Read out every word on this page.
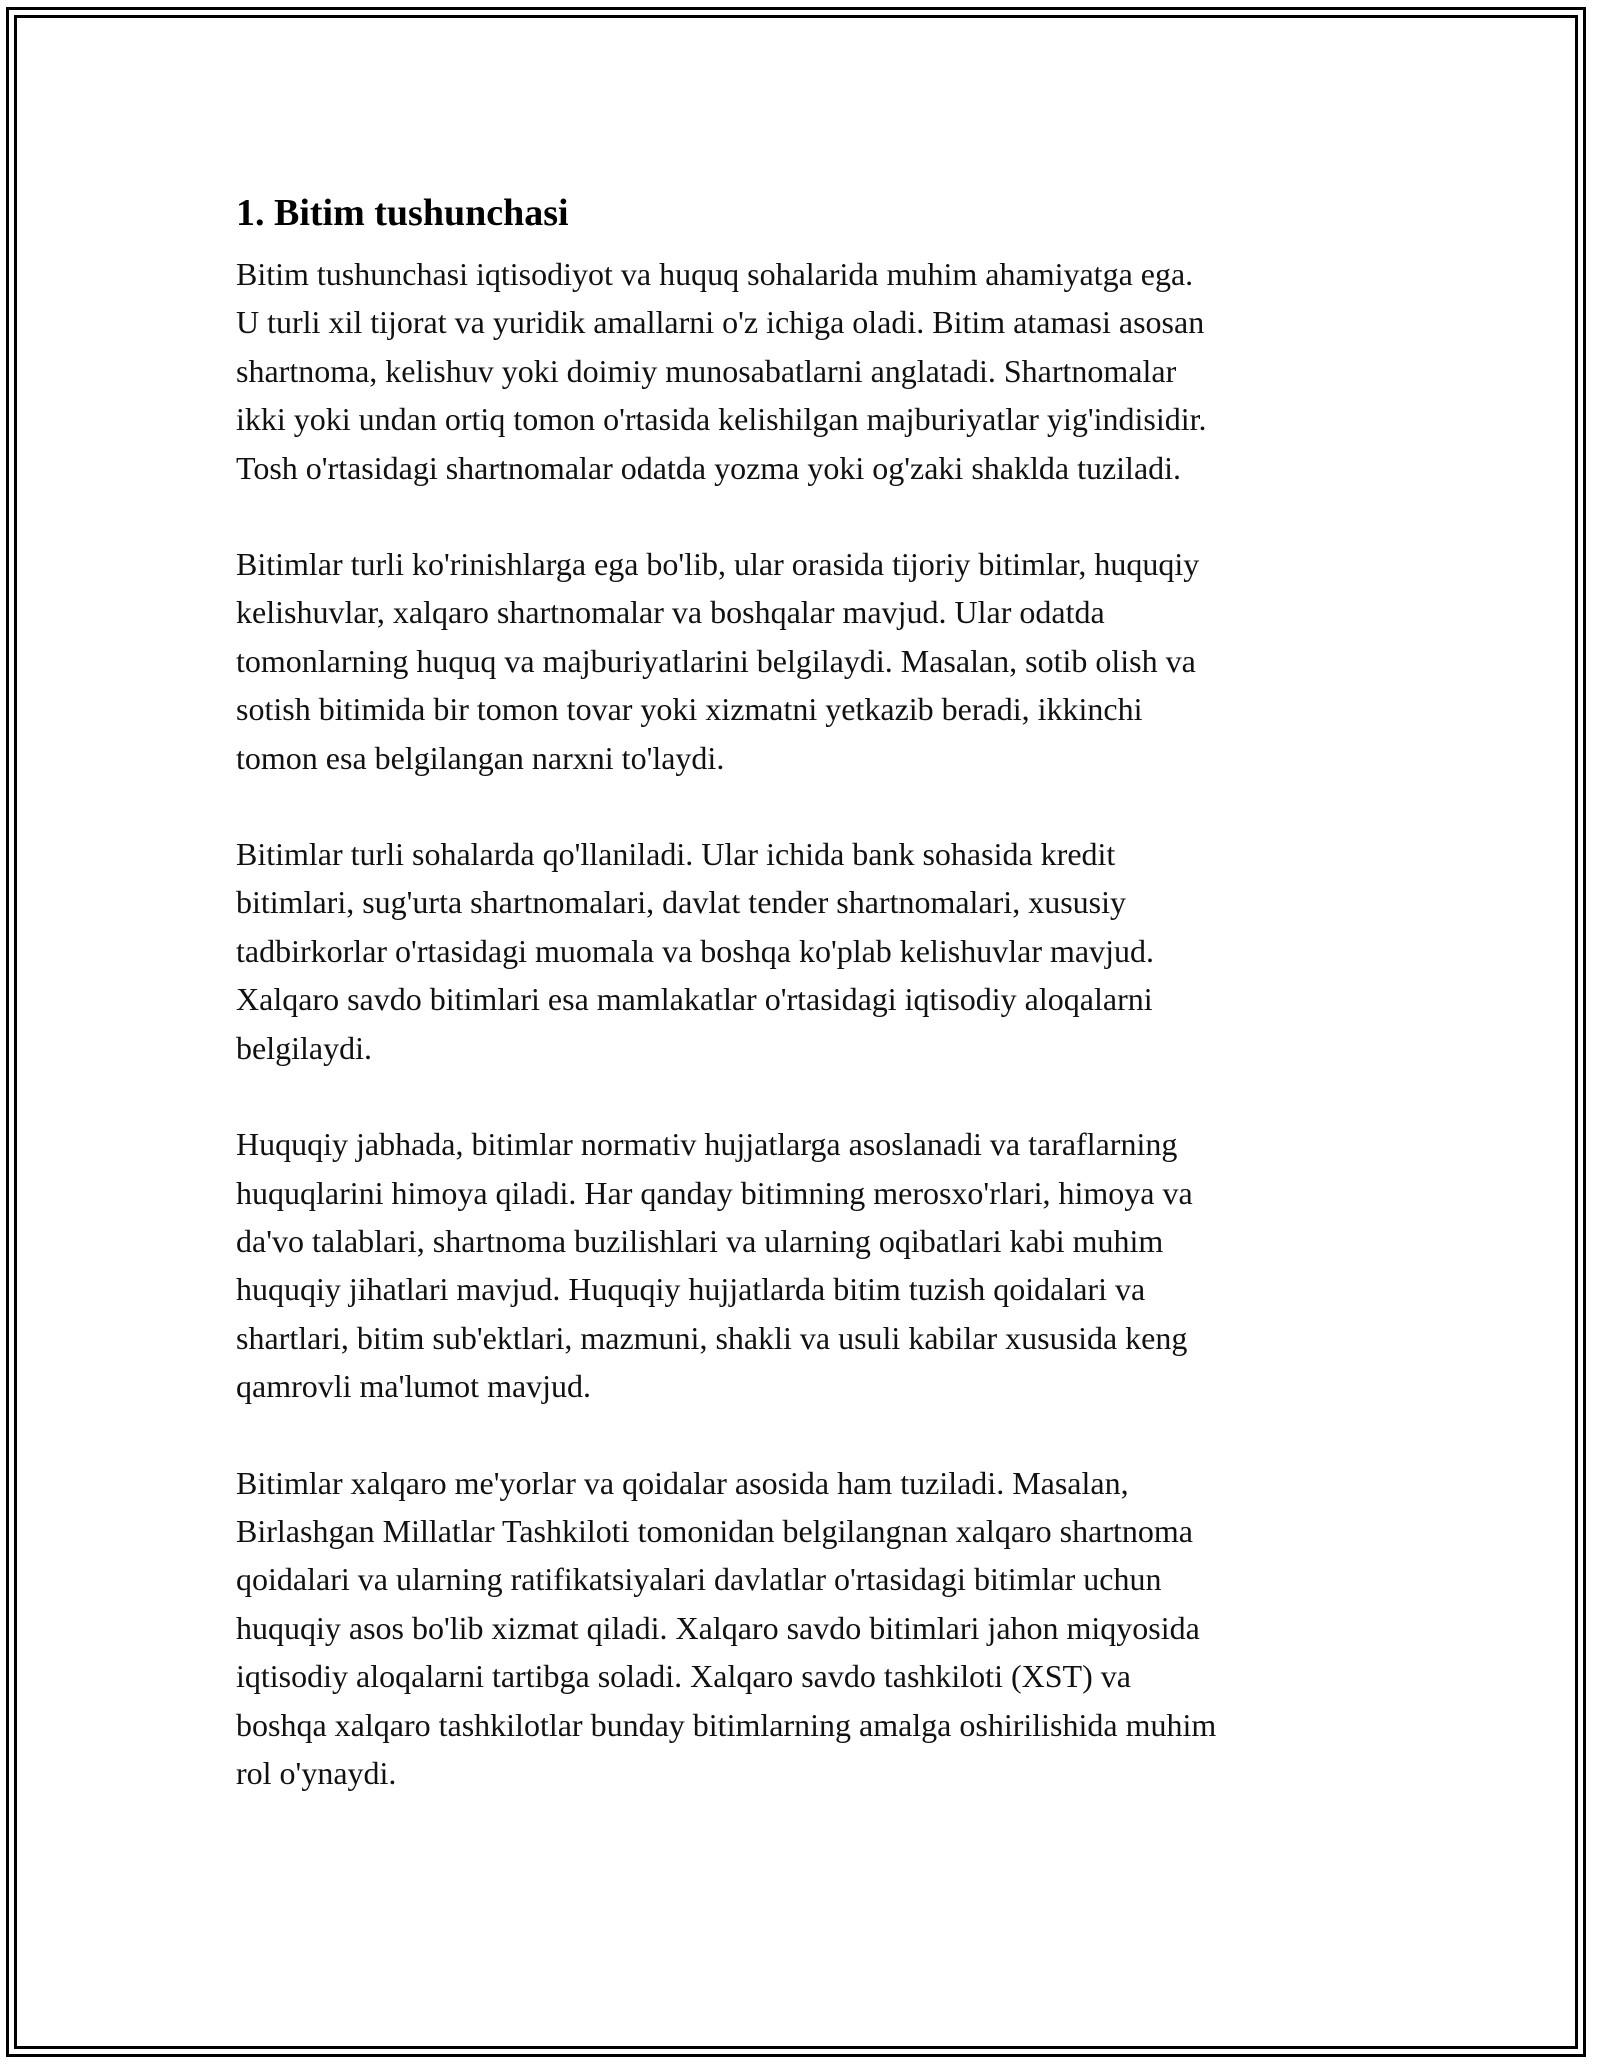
1. Bitim tushunchasi

Bitim tushunchasi iqtisodiyot va huquq sohalarida muhim ahamiyatga ega.
U turli xil tijorat va yuridik amallarni o'z ichiga oladi. Bitim atamasi asosan
shartnoma, kelishuv yoki doimiy munosabatlarni anglatadi. Shartnomalar
ikki yoki undan ortiq tomon o'rtasida kelishilgan majburiyatlar yig'indisidir.
Tosh o'rtasidagi shartnomalar odatda yozma yoki og'zaki shaklda tuziladi.

Bitimlar turli ko'rinishlarga ega bo'lib, ular orasida tijoriy bitimlar, huquqiy
kelishuvlar, xalqaro shartnomalar va boshqalar mavjud. Ular odatda
tomonlarning huquq va majburiyatlarini belgilaydi. Masalan, sotib olish va
sotish bitimida bir tomon tovar yoki xizmatni yetkazib beradi, ikkinchi
tomon esa belgilangan narxni to'laydi.

Bitimlar turli sohalarda qo'llaniladi. Ular ichida bank sohasida kredit
bitimlari, sug'urta shartnomalari, davlat tender shartnomalari, xususiy
tadbirkorlar o'rtasidagi muomala va boshqa ko'plab kelishuvlar mavjud.
Xalqaro savdo bitimlari esa mamlakatlar o'rtasidagi iqtisodiy aloqalarni
belgilaydi.

Huquqiy jabhada, bitimlar normativ hujjatlarga asoslanadi va taraflarning
huquqlarini himoya qiladi. Har qanday bitimning merosxo'rlari, himoya va
da'vo talablari, shartnoma buzilishlari va ularning oqibatlari kabi muhim
huquqiy jihatlari mavjud. Huquqiy hujjatlarda bitim tuzish qoidalari va
shartlari, bitim sub'ektlari, mazmuni, shakli va usuli kabilar xususida keng
qamrovli ma'lumot mavjud.

Bitimlar xalqaro me'yorlar va qoidalar asosida ham tuziladi. Masalan,
Birlashgan Millatlar Tashkiloti tomonidan belgilangnan xalqaro shartnoma
qoidalari va ularning ratifikatsiyalari davlatlar o'rtasidagi bitimlar uchun
huquqiy asos bo'lib xizmat qiladi. Xalqaro savdo bitimlari jahon miqyosida
iqtisodiy aloqalarni tartibga soladi. Xalqaro savdo tashkiloti (XST) va
boshqa xalqaro tashkilotlar bunday bitimlarning amalga oshirilishida muhim
rol o'ynaydi.
